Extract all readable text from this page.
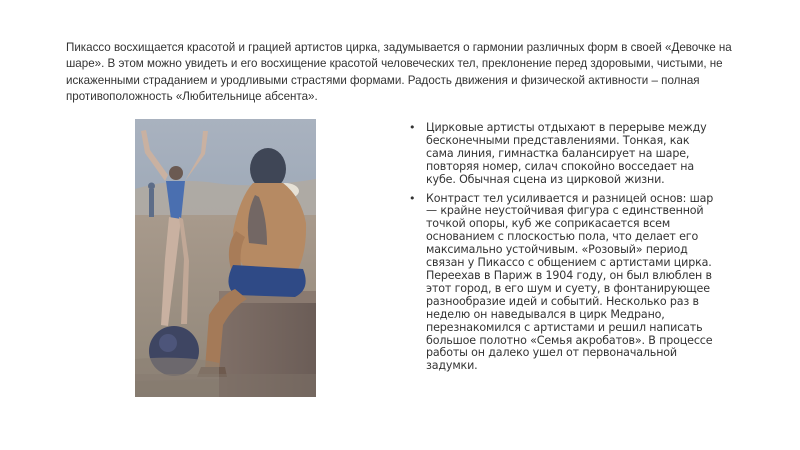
Пикассо восхищается красотой и грацией артистов цирка, задумывается о гармонии различных форм в своей «Девочке на шаре». В этом можно увидеть и его восхищение красотой человеческих тел, преклонение перед здоровыми, чистыми, не искаженными страданием и уродливыми страстями формами. Радость движения и физической активности – полная противоположность «Любительнице абсента».
• Цирковые артисты отдыхают в перерыве между бесконечными представлениями. Тонкая, как сама линия, гимнастка балансирует на шаре, повторяя номер, силач спокойно восседает на кубе. Обычная сцена из цирковой жизни.
• Контраст тел усиливается и разницей основ: шар — крайне неустойчивая фигура с единственной точкой опоры, куб же соприкасается всем основанием с плоскостью пола, что делает его максимально устойчивым. «Розовый» период связан у Пикассо с общением с артистами цирка. Переехав в Париж в 1904 году, он был влюблен в этот город, в его шум и суету, в фонтанирующее разнообразие идей и событий. Несколько раз в неделю он наведывался в цирк Медрано, перезнакомился с артистами и решил написать большое полотно «Семья акробатов». В процессе работы он далеко ушел от первоначальной задумки.
